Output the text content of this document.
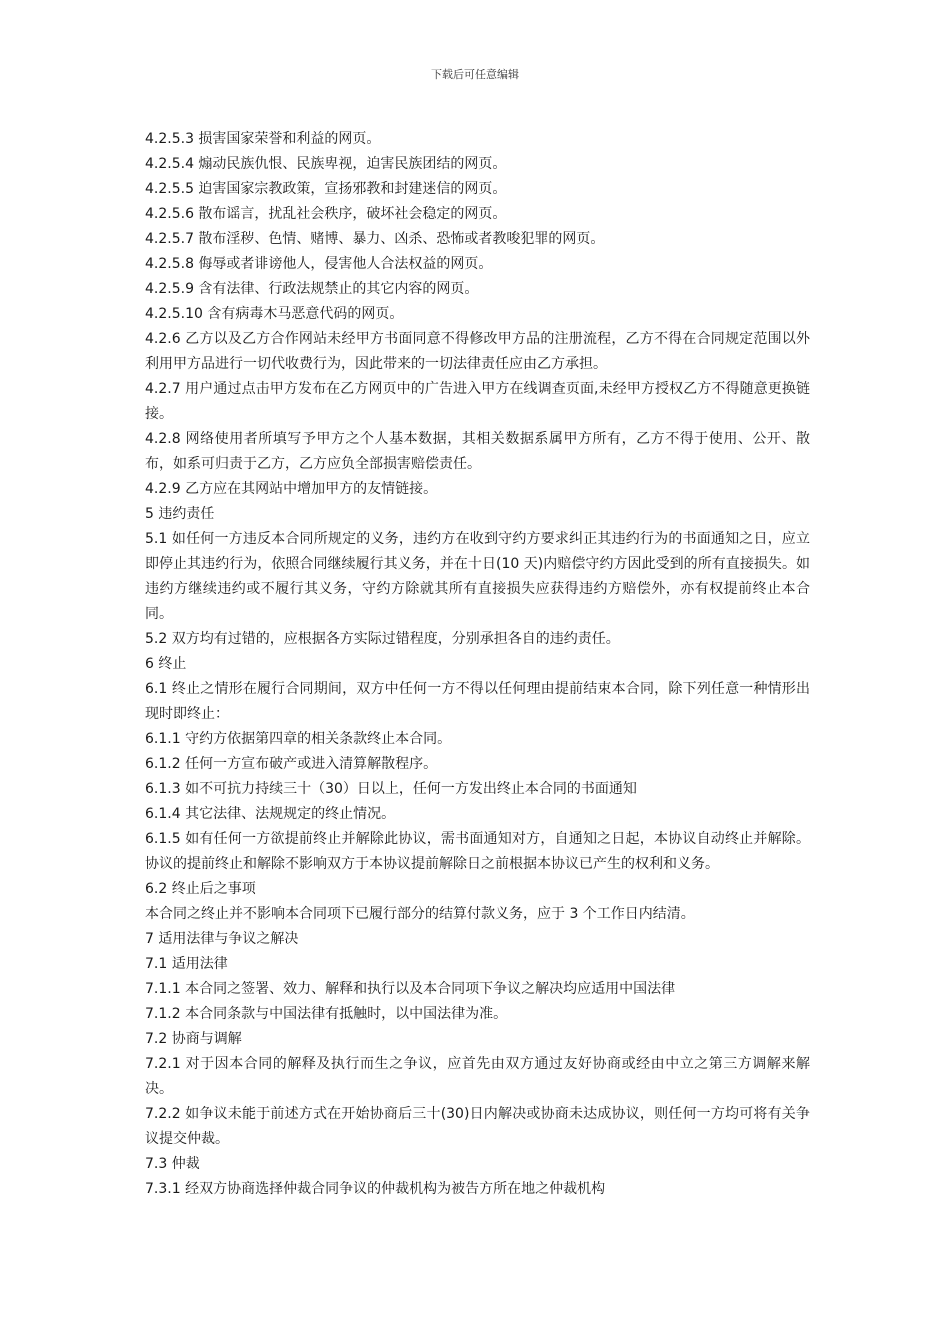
下载后可任意编辑

4.2.5.3 损害国家荣誉和利益的网页。

4.2.5.4 煽动民族仇恨、民族卑视，迫害民族团结的网页。

4.2.5.5 迫害国家宗教政策，宣扬邪教和封建迷信的网页。

4.2.5.6 散布谣言，扰乱社会秩序，破坏社会稳定的网页。

4.2.5.7 散布淫秽、色情、赌博、暴力、凶杀、恐怖或者教唆犯罪的网页。

4.2.5.8 侮辱或者诽谤他人，侵害他人合法权益的网页。

4.2.5.9 含有法律、行政法规禁止的其它内容的网页。

4.2.5.10 含有病毒木马恶意代码的网页。

4.2.6 乙方以及乙方合作网站未经甲方书面同意不得修改甲方品的注册流程，乙方不得在合同规定范围以外利用甲方品进行一切代收费行为，因此带来的一切法律责任应由乙方承担。

4.2.7 用户通过点击甲方发布在乙方网页中的广告进入甲方在线调查页面,未经甲方授权乙方不得随意更换链接。

4.2.8 网络使用者所填写予甲方之个人基本数据，其相关数据系属甲方所有，乙方不得于使用、公开、散布，如系可归责于乙方，乙方应负全部损害赔偿责任。

4.2.9 乙方应在其网站中增加甲方的友情链接。

5 违约责任

5.1 如任何一方违反本合同所规定的义务，违约方在收到守约方要求纠正其违约行为的书面通知之日，应立即停止其违约行为，依照合同继续履行其义务，并在十日(10 天)内赔偿守约方因此受到的所有直接损失。如违约方继续违约或不履行其义务，守约方除就其所有直接损失应获得违约方赔偿外，亦有权提前终止本合同。

5.2 双方均有过错的，应根据各方实际过错程度，分别承担各自的违约责任。

6 终止

6.1 终止之情形在履行合同期间，双方中任何一方不得以任何理由提前结束本合同，除下列任意一种情形出现时即终止：

6.1.1 守约方依据第四章的相关条款终止本合同。

6.1.2 任何一方宣布破产或进入清算解散程序。

6.1.3 如不可抗力持续三十（30）日以上，任何一方发出终止本合同的书面通知

6.1.4 其它法律、法规规定的终止情况。

6.1.5 如有任何一方欲提前终止并解除此协议，需书面通知对方，自通知之日起，本协议自动终止并解除。协议的提前终止和解除不影响双方于本协议提前解除日之前根据本协议已产生的权利和义务。

6.2 终止后之事项

本合同之终止并不影响本合同项下已履行部分的结算付款义务，应于 3 个工作日内结清。

7 适用法律与争议之解决

7.1 适用法律

7.1.1 本合同之签署、效力、解释和执行以及本合同项下争议之解决均应适用中国法律

7.1.2 本合同条款与中国法律有抵触时，以中国法律为准。

7.2 协商与调解

7.2.1 对于因本合同的解释及执行而生之争议，应首先由双方通过友好协商或经由中立之第三方调解来解决。

7.2.2 如争议未能于前述方式在开始协商后三十(30)日内解决或协商未达成协议，则任何一方均可将有关争议提交仲裁。

7.3 仲裁

7.3.1 经双方协商选择仲裁合同争议的仲裁机构为被告方所在地之仲裁机构
